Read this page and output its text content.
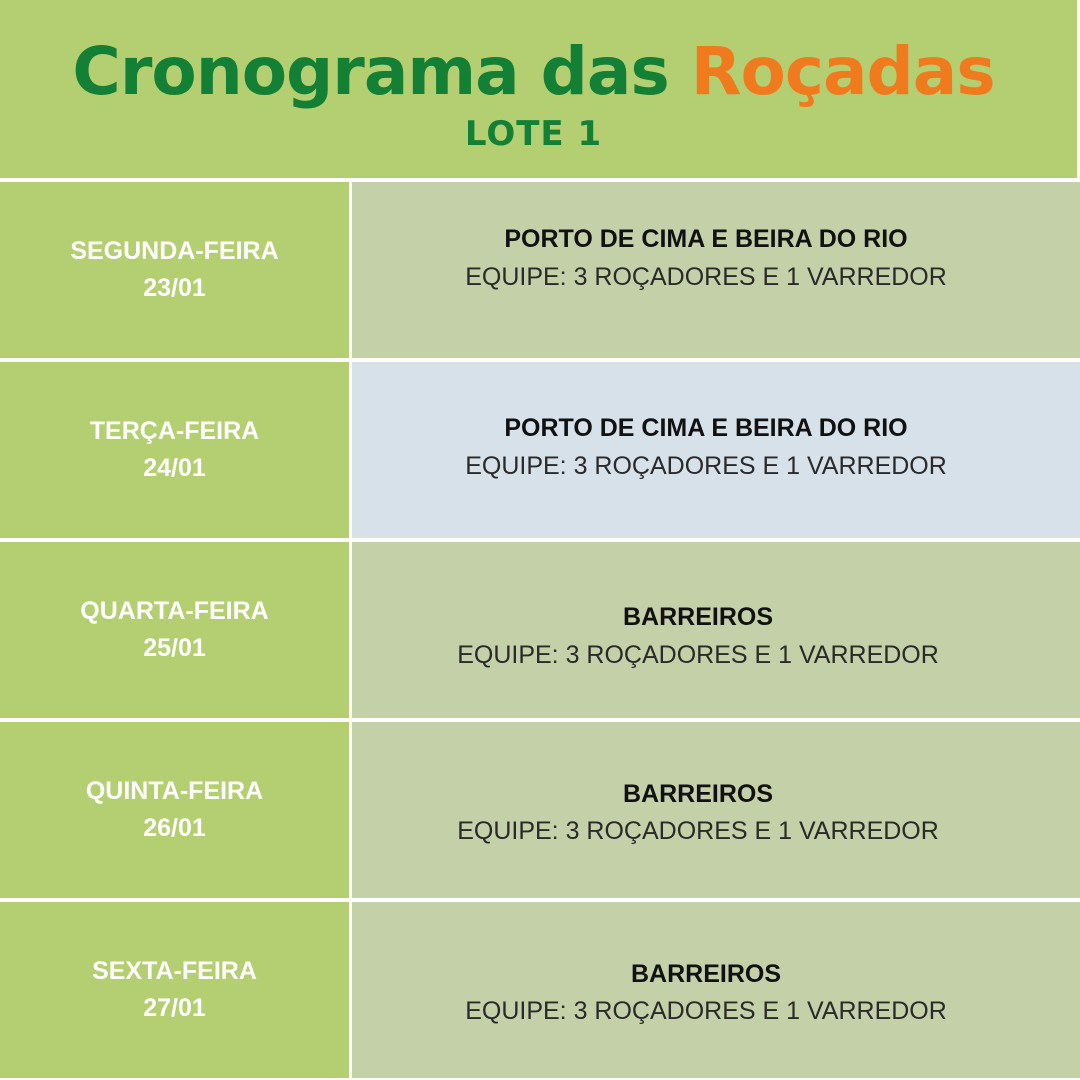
Cronograma das Roçadas
LOTE 1
SEGUNDA-FEIRA
23/01
PORTO DE CIMA E BEIRA DO RIO
EQUIPE: 3 ROÇADORES E 1 VARREDOR
TERÇA-FEIRA
24/01
PORTO DE CIMA E BEIRA DO RIO
EQUIPE: 3 ROÇADORES E 1 VARREDOR
QUARTA-FEIRA
25/01
BARREIROS
EQUIPE: 3 ROÇADORES E 1 VARREDOR
QUINTA-FEIRA
26/01
BARREIROS
EQUIPE: 3 ROÇADORES E 1 VARREDOR
SEXTA-FEIRA
27/01
BARREIROS
EQUIPE: 3 ROÇADORES E 1 VARREDOR
